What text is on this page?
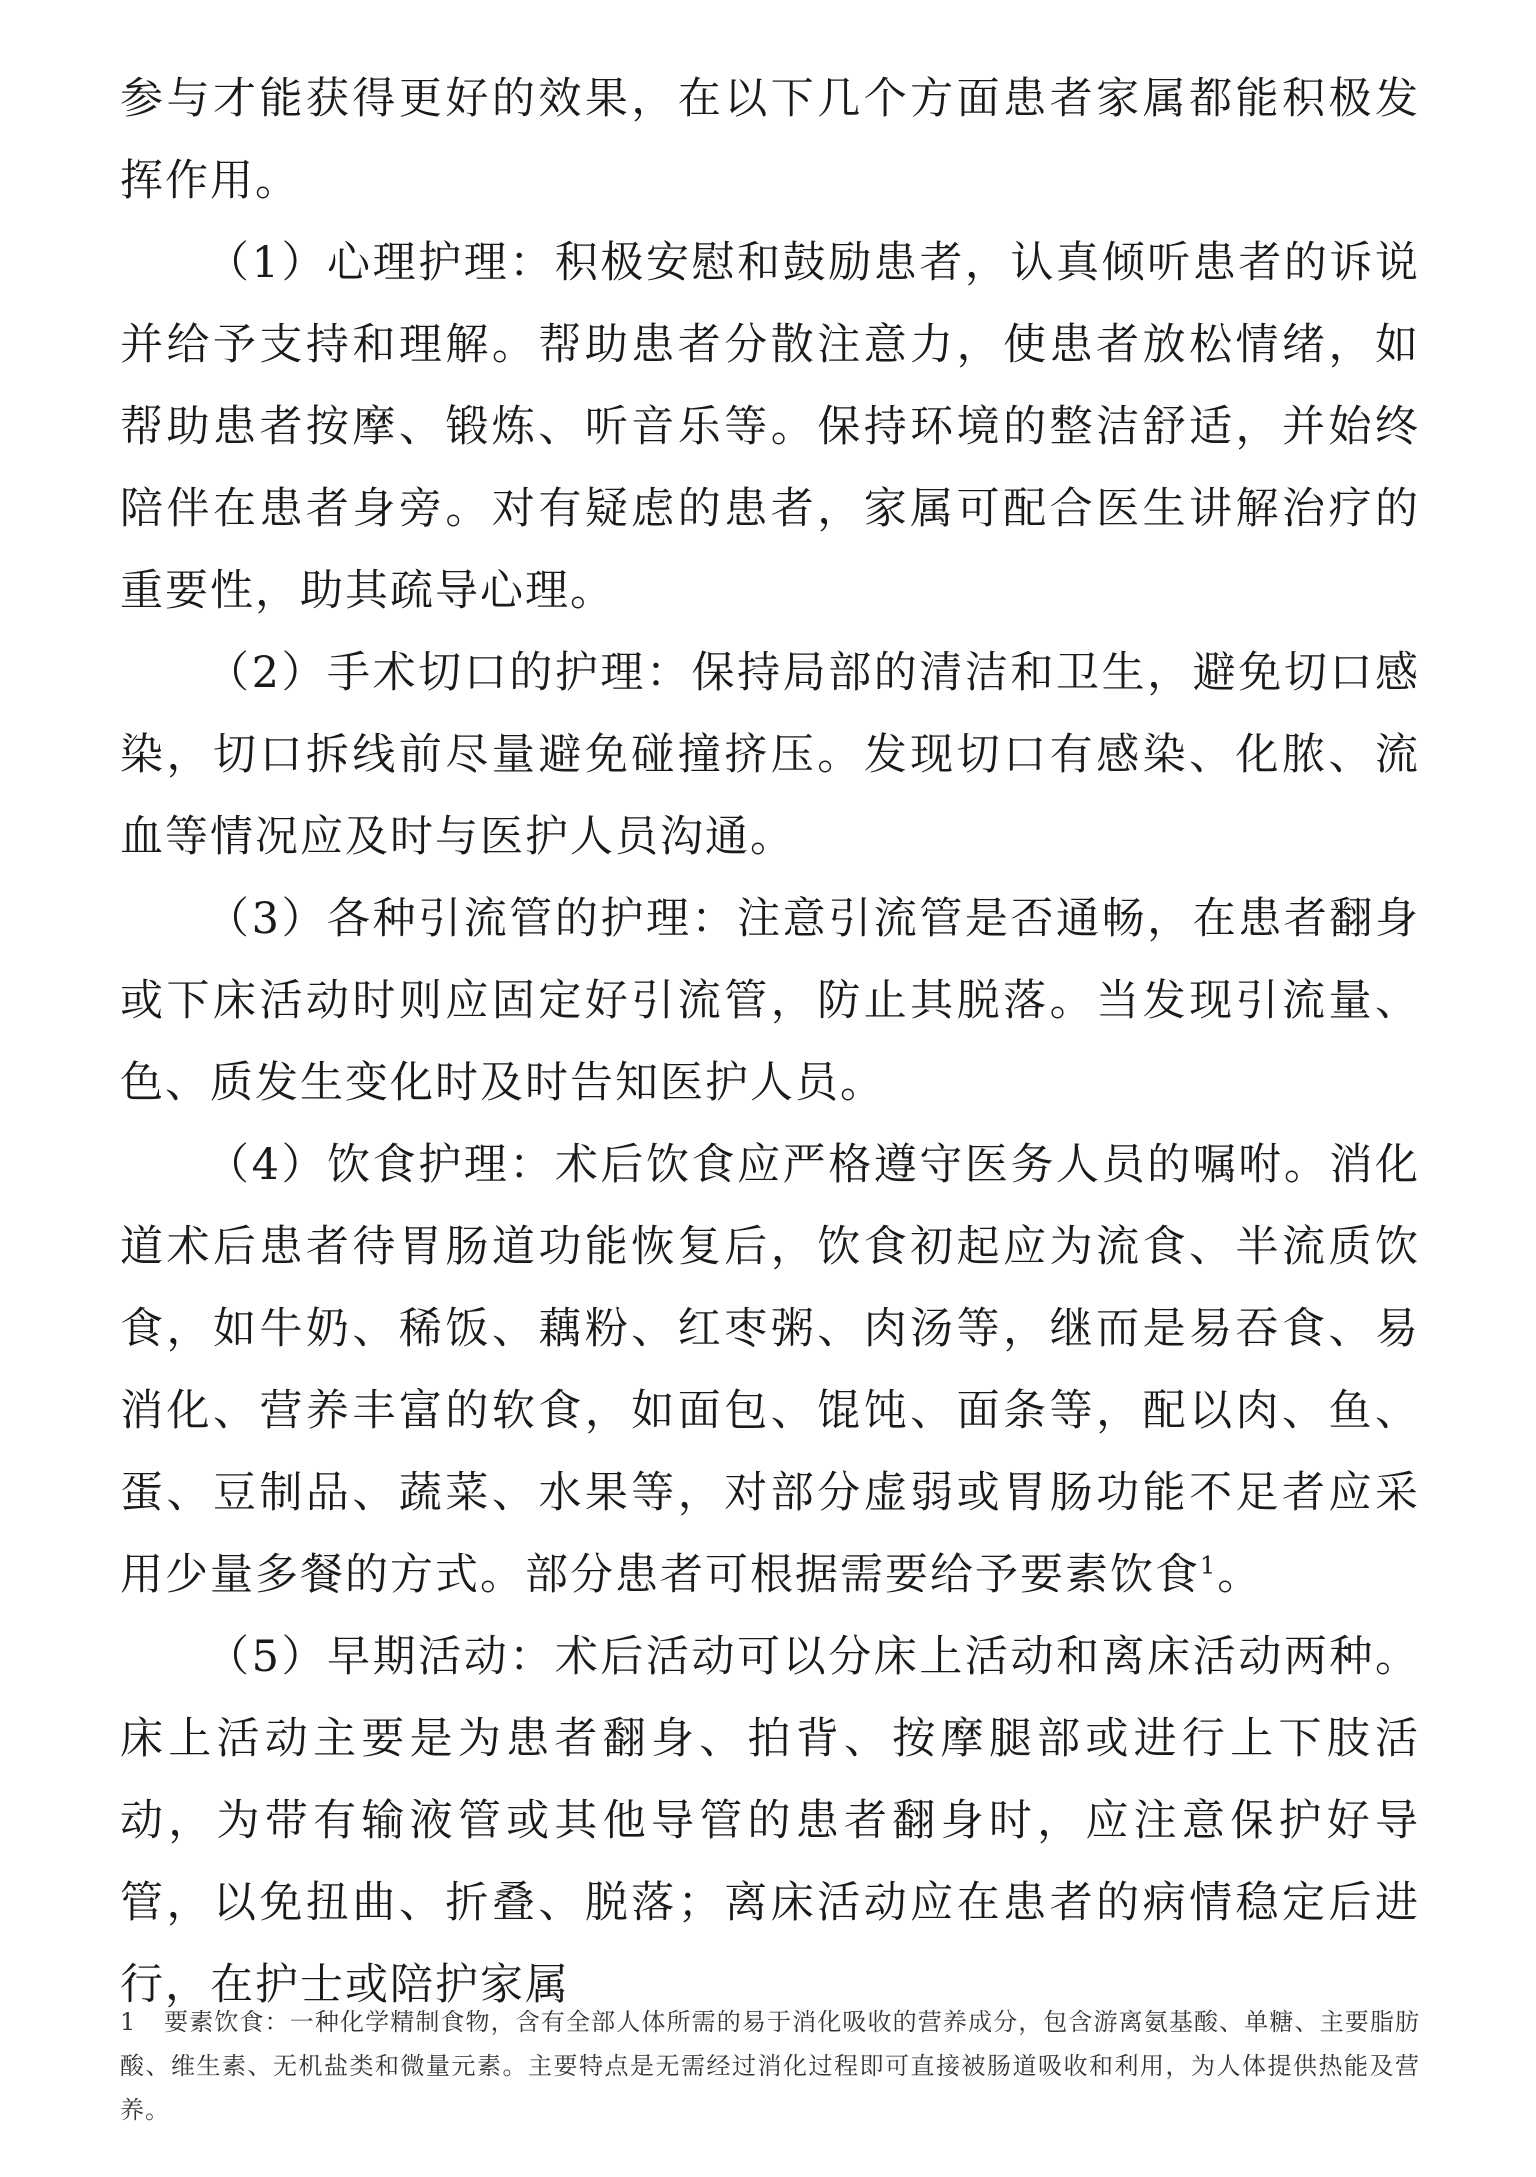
参与才能获得更好的效果，在以下几个方面患者家属都能积极发挥作用。

（1）心理护理：积极安慰和鼓励患者，认真倾听患者的诉说并给予支持和理解。帮助患者分散注意力，使患者放松情绪，如帮助患者按摩、锻炼、听音乐等。保持环境的整洁舒适，并始终陪伴在患者身旁。对有疑虑的患者，家属可配合医生讲解治疗的重要性，助其疏导心理。

（2）手术切口的护理：保持局部的清洁和卫生，避免切口感染，切口拆线前尽量避免碰撞挤压。发现切口有感染、化脓、流血等情况应及时与医护人员沟通。

（3）各种引流管的护理：注意引流管是否通畅，在患者翻身或下床活动时则应固定好引流管，防止其脱落。当发现引流量、色、质发生变化时及时告知医护人员。

（4）饮食护理：术后饮食应严格遵守医务人员的嘱咐。消化道术后患者待胃肠道功能恢复后，饮食初起应为流食、半流质饮食，如牛奶、稀饭、藕粉、红枣粥、肉汤等，继而是易吞食、易消化、营养丰富的软食，如面包、馄饨、面条等，配以肉、鱼、蛋、豆制品、蔬菜、水果等，对部分虚弱或胃肠功能不足者应采用少量多餐的方式。部分患者可根据需要给予要素饮食$^1$。

（5）早期活动：术后活动可以分床上活动和离床活动两种。床上活动主要是为患者翻身、拍背、按摩腿部或进行上下肢活动，为带有输液管或其他导管的患者翻身时，应注意保护好导管，以免扭曲、折叠、脱落；离床活动应在患者的病情稳定后进行，在护士或陪护家属

1 要素饮食：一种化学精制食物，含有全部人体所需的易于消化吸收的营养成分，包含游离氨基酸、单糖、主要脂肪酸、维生素、无机盐类和微量元素。主要特点是无需经过消化过程即可直接被肠道吸收和利用，为人体提供热能及营养。
